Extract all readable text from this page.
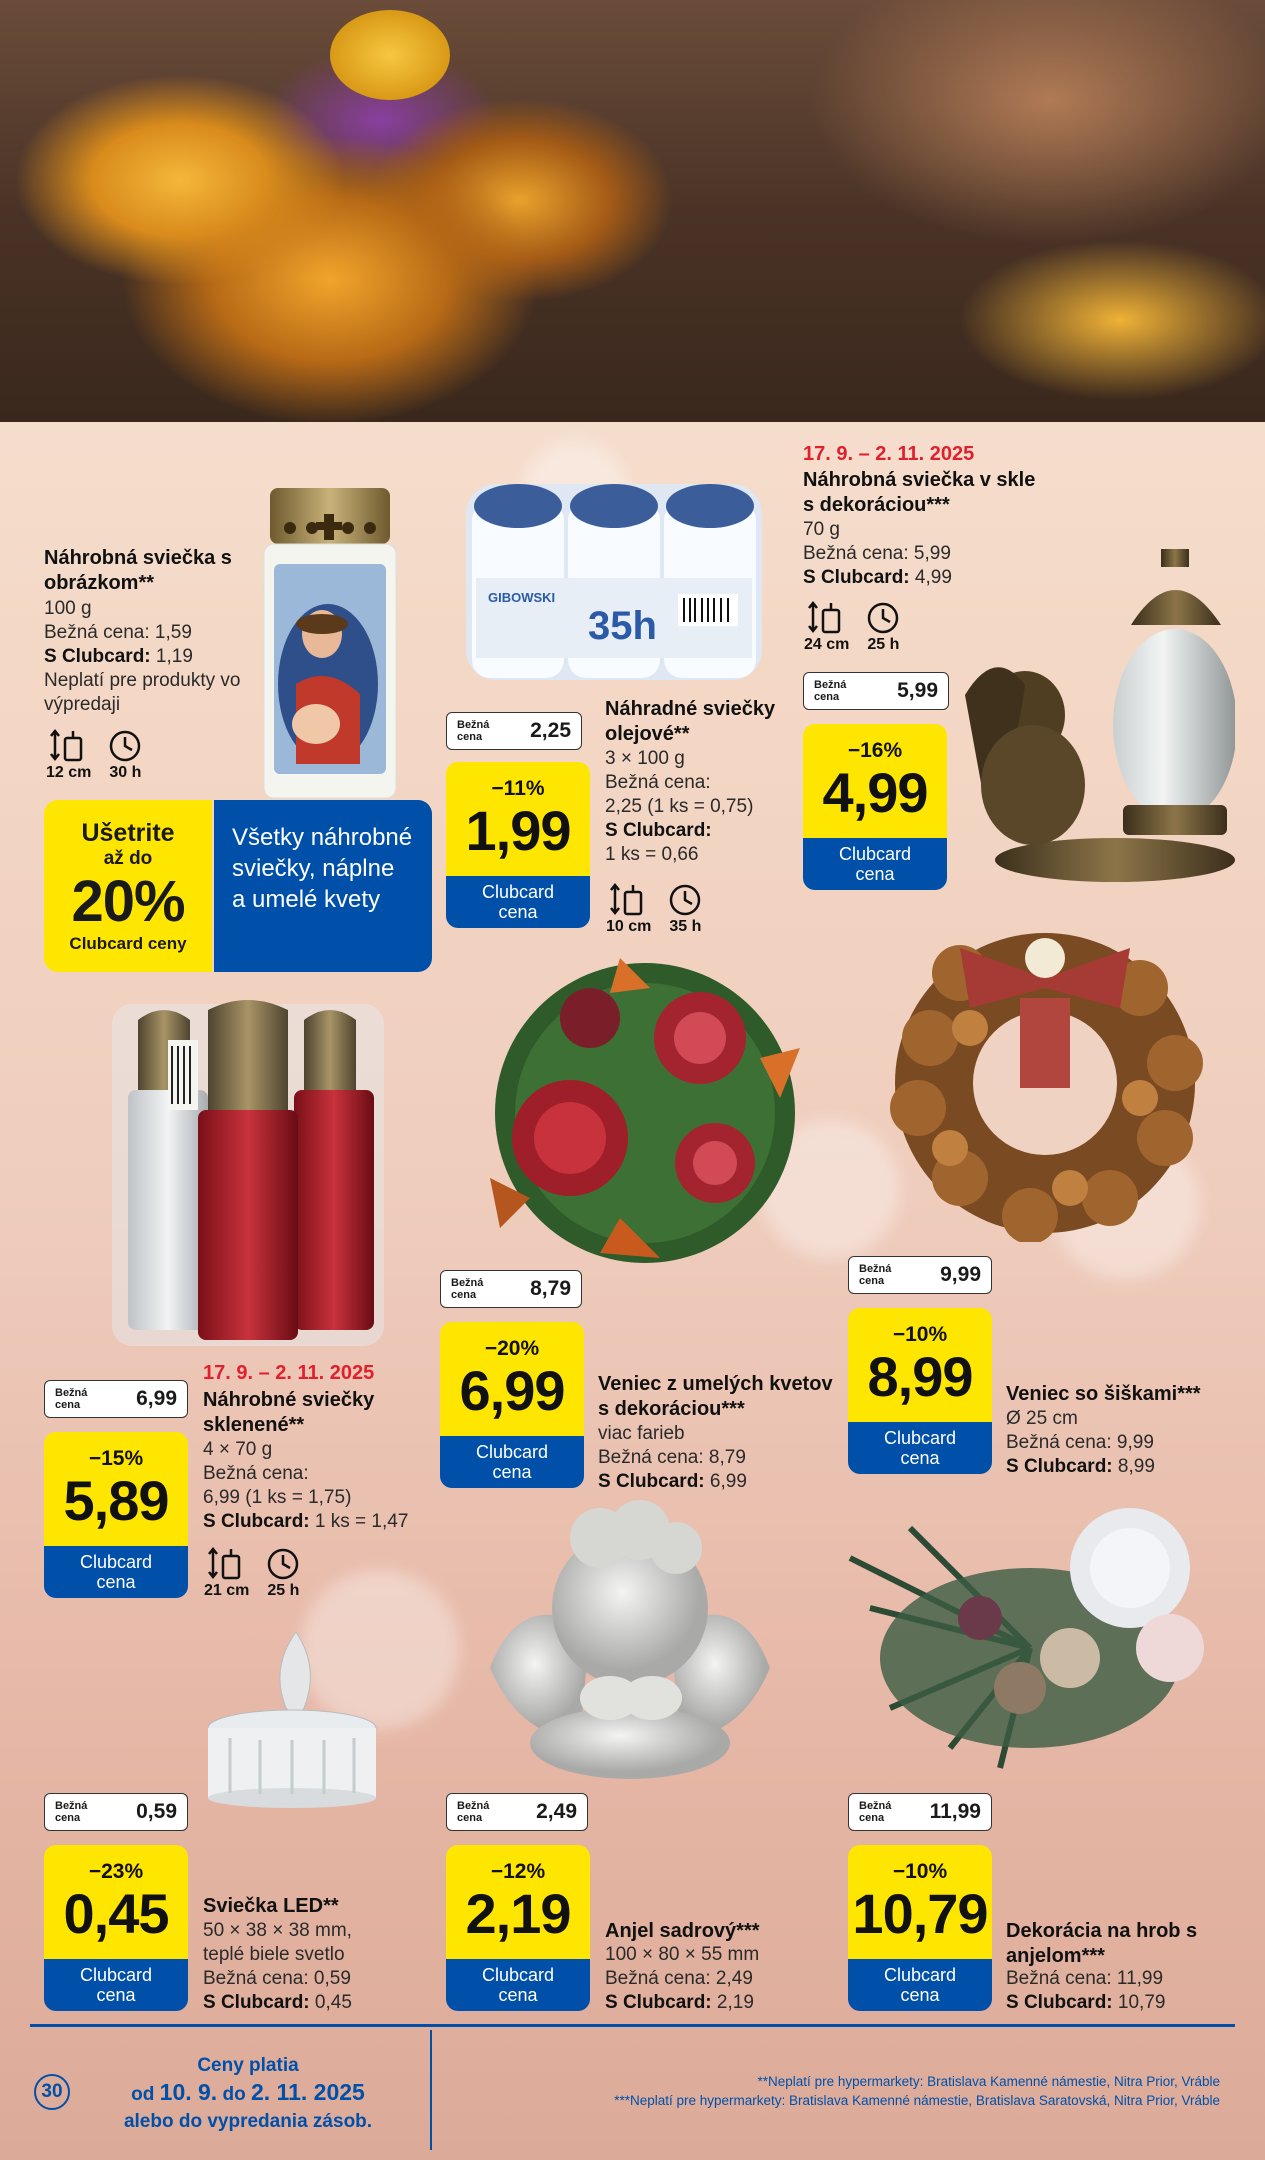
Náhrobná sviečka s obrázkom**
100 g
Bežná cena: 1,59
S Clubcard: 1,19
Neplatí pre produkty vo výpredaji
12 cm 30 h
Ušetrite
až do
20%
Clubcard ceny
Všetky náhrobné sviečky, náplne a umelé kvety
GIBOWSKI
35h
Bežná cena	2,25
−11%
1,99
Clubcard
cena
Náhradné sviečky olejové**
3 × 100 g
Bežná cena:
2,25 (1 ks = 0,75)
S Clubcard:
1 ks = 0,66
10 cm 35 h
17. 9. – 2. 11. 2025
Náhrobná sviečka v skle s dekoráciou***
70 g
Bežná cena: 5,99
S Clubcard: 4,99
24 cm 25 h
Bežná cena	5,99
−16%
4,99
Clubcard
cena
Bežná cena	6,99
−15%
5,89
Clubcard
cena
17. 9. – 2. 11. 2025
Náhrobné sviečky sklenené**
4 × 70 g
Bežná cena:
6,99 (1 ks = 1,75)
S Clubcard: 1 ks = 1,47
21 cm 25 h
Bežná cena	8,79
−20%
6,99
Clubcard
cena
Veniec z umelých kvetov s dekoráciou***
viac farieb
Bežná cena: 8,79
S Clubcard: 6,99
Bežná cena	9,99
−10%
8,99
Clubcard
cena
Veniec so šiškami***
Ø 25 cm
Bežná cena: 9,99
S Clubcard: 8,99
Bežná cena	0,59
−23%
0,45
Clubcard
cena
Sviečka LED**
50 × 38 × 38 mm, teplé biele svetlo
Bežná cena: 0,59
S Clubcard: 0,45
Bežná cena	2,49
−12%
2,19
Clubcard
cena
Anjel sadrový***
100 × 80 × 55 mm
Bežná cena: 2,49
S Clubcard: 2,19
Bežná cena	11,99
−10%
10,79
Clubcard
cena
Dekorácia na hrob s anjelom***
Bežná cena: 11,99
S Clubcard: 10,79
30
Ceny platia
od 10. 9. do 2. 11. 2025
alebo do vypredania zásob.
**Neplatí pre hypermarkety: Bratislava Kamenné námestie, Nitra Prior, Vráble
***Neplatí pre hypermarkety: Bratislava Kamenné námestie, Bratislava Saratovská, Nitra Prior, Vráble
